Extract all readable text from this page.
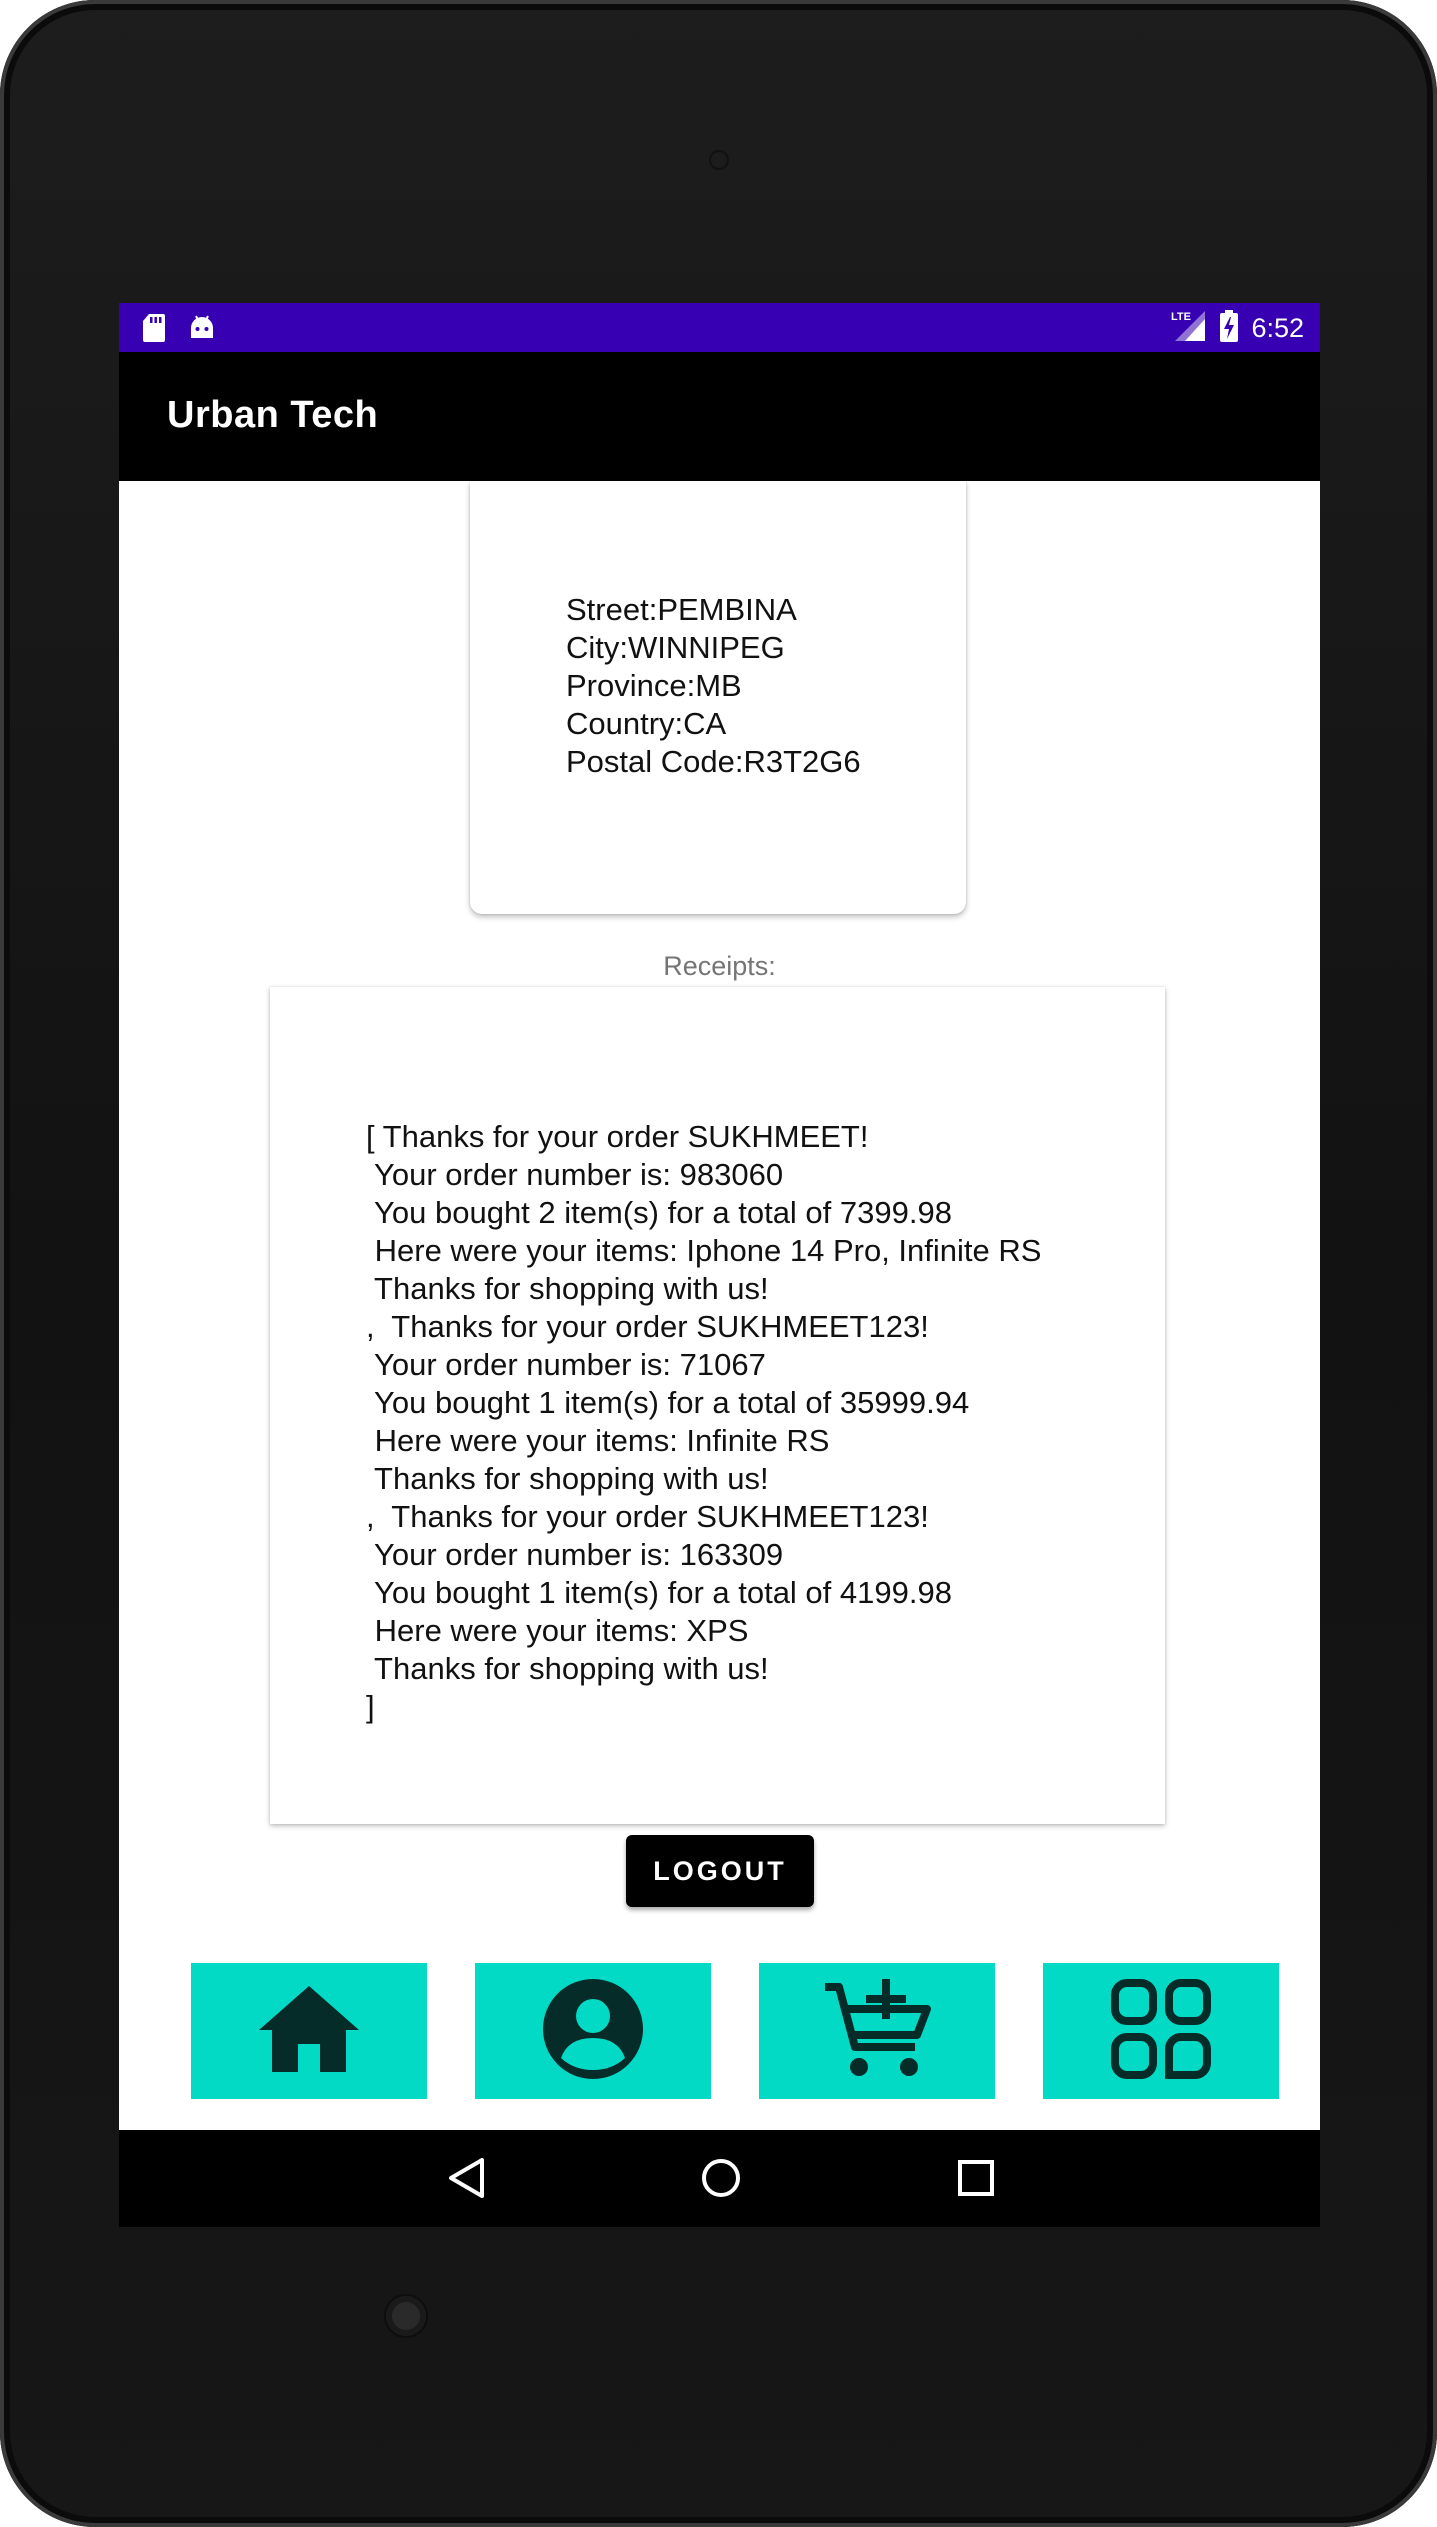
LTE 6:52
Urban Tech
Street:PEMBINA
City:WINNIPEG
Province:MB
Country:CA
Postal Code:R3T2G6
Receipts:
[ Thanks for your order SUKHMEET!
Your order number is: 983060
You bought 2 item(s) for a total of 7399.98
Here were your items: Iphone 14 Pro, Infinite RS
Thanks for shopping with us!
,  Thanks for your order SUKHMEET123!
Your order number is: 71067
You bought 1 item(s) for a total of 35999.94
Here were your items: Infinite RS
Thanks for shopping with us!
,  Thanks for your order SUKHMEET123!
Your order number is: 163309
You bought 1 item(s) for a total of 4199.98
Here were your items: XPS
Thanks for shopping with us!
]
LOGOUT
